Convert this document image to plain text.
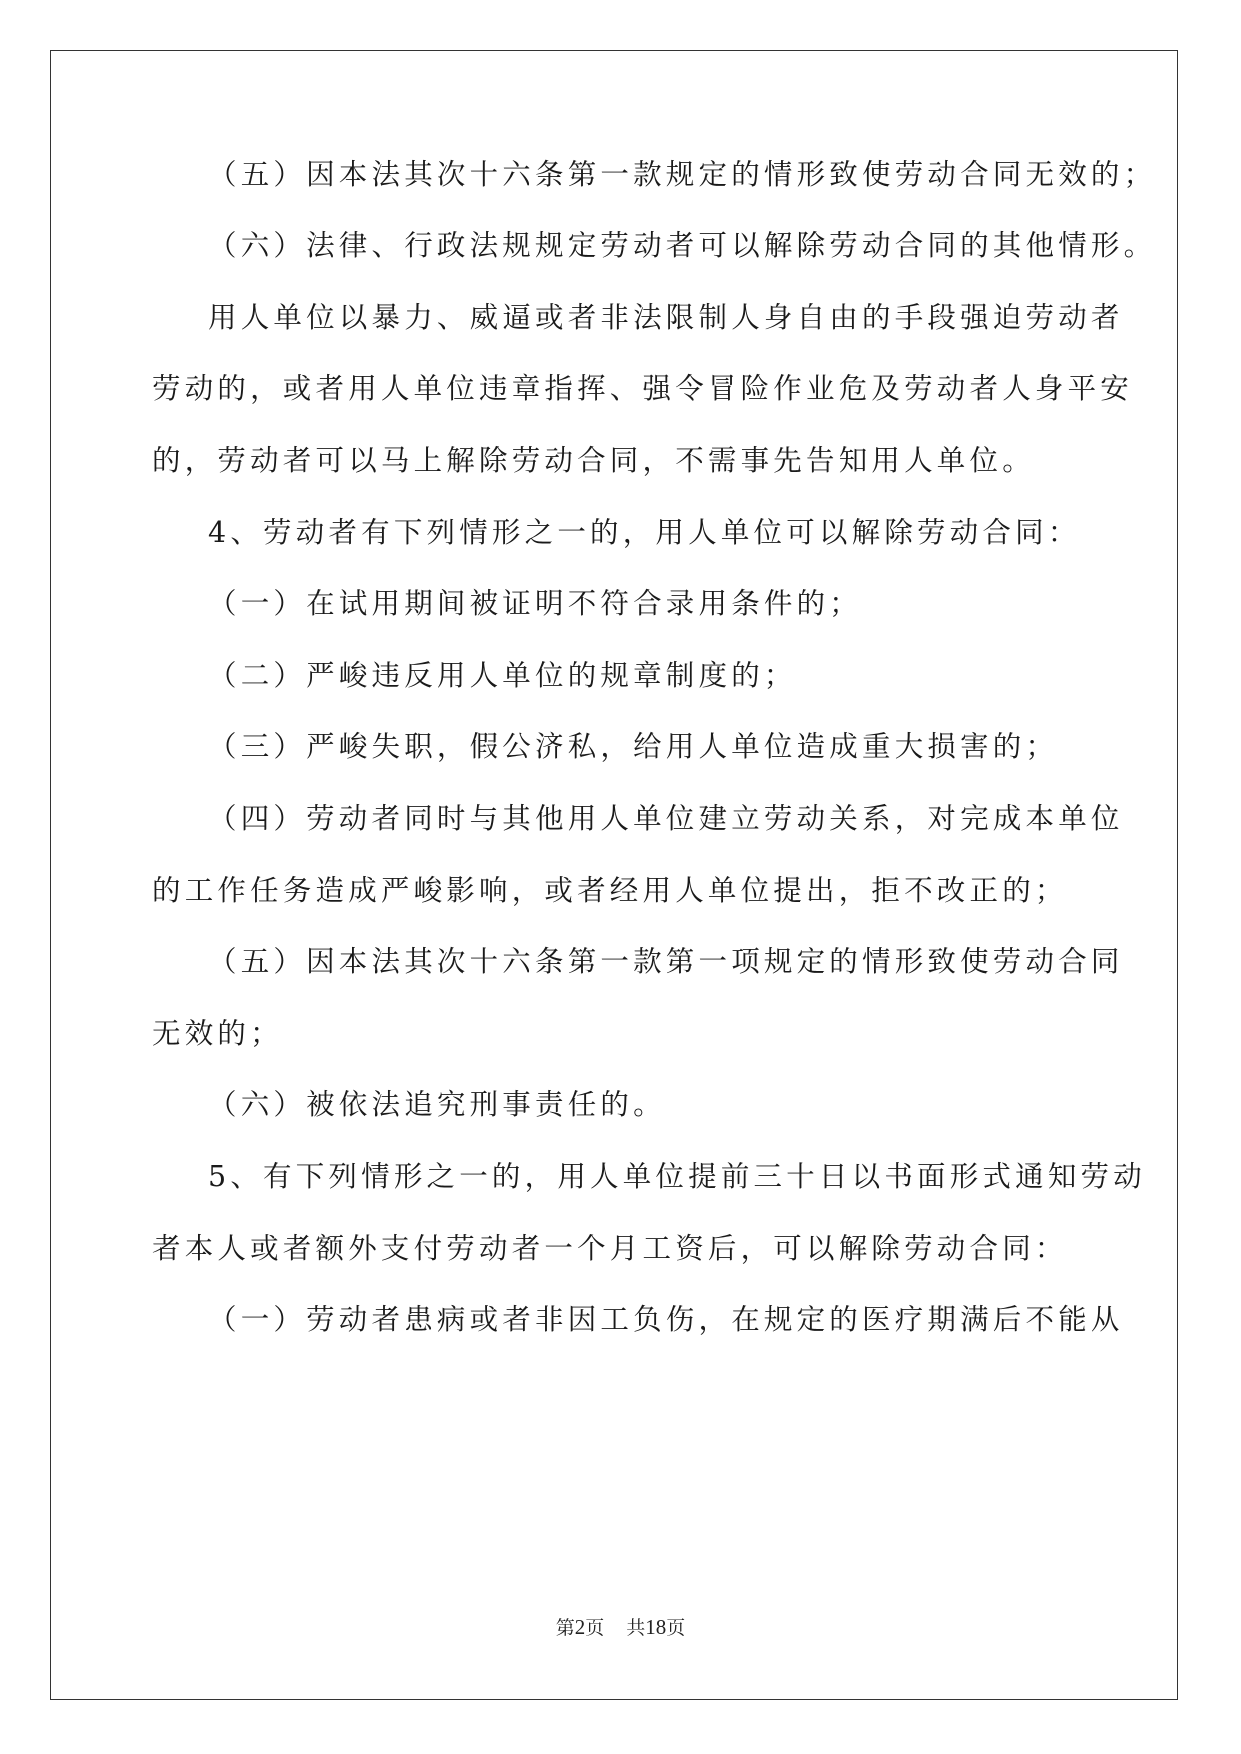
（五）因本法其次十六条第一款规定的情形致使劳动合同无效的；
（六）法律、行政法规规定劳动者可以解除劳动合同的其他情形。
用人单位以暴力、威逼或者非法限制人身自由的手段强迫劳动者
劳动的，或者用人单位违章指挥、强令冒险作业危及劳动者人身平安
的，劳动者可以马上解除劳动合同，不需事先告知用人单位。
4、劳动者有下列情形之一的，用人单位可以解除劳动合同：
（一）在试用期间被证明不符合录用条件的；
（二）严峻违反用人单位的规章制度的；
（三）严峻失职，假公济私，给用人单位造成重大损害的；
（四）劳动者同时与其他用人单位建立劳动关系，对完成本单位
的工作任务造成严峻影响，或者经用人单位提出，拒不改正的；
（五）因本法其次十六条第一款第一项规定的情形致使劳动合同
无效的；
（六）被依法追究刑事责任的。
5、有下列情形之一的，用人单位提前三十日以书面形式通知劳动
者本人或者额外支付劳动者一个月工资后，可以解除劳动合同：
（一）劳动者患病或者非因工负伤，在规定的医疗期满后不能从
第2页 共18页
